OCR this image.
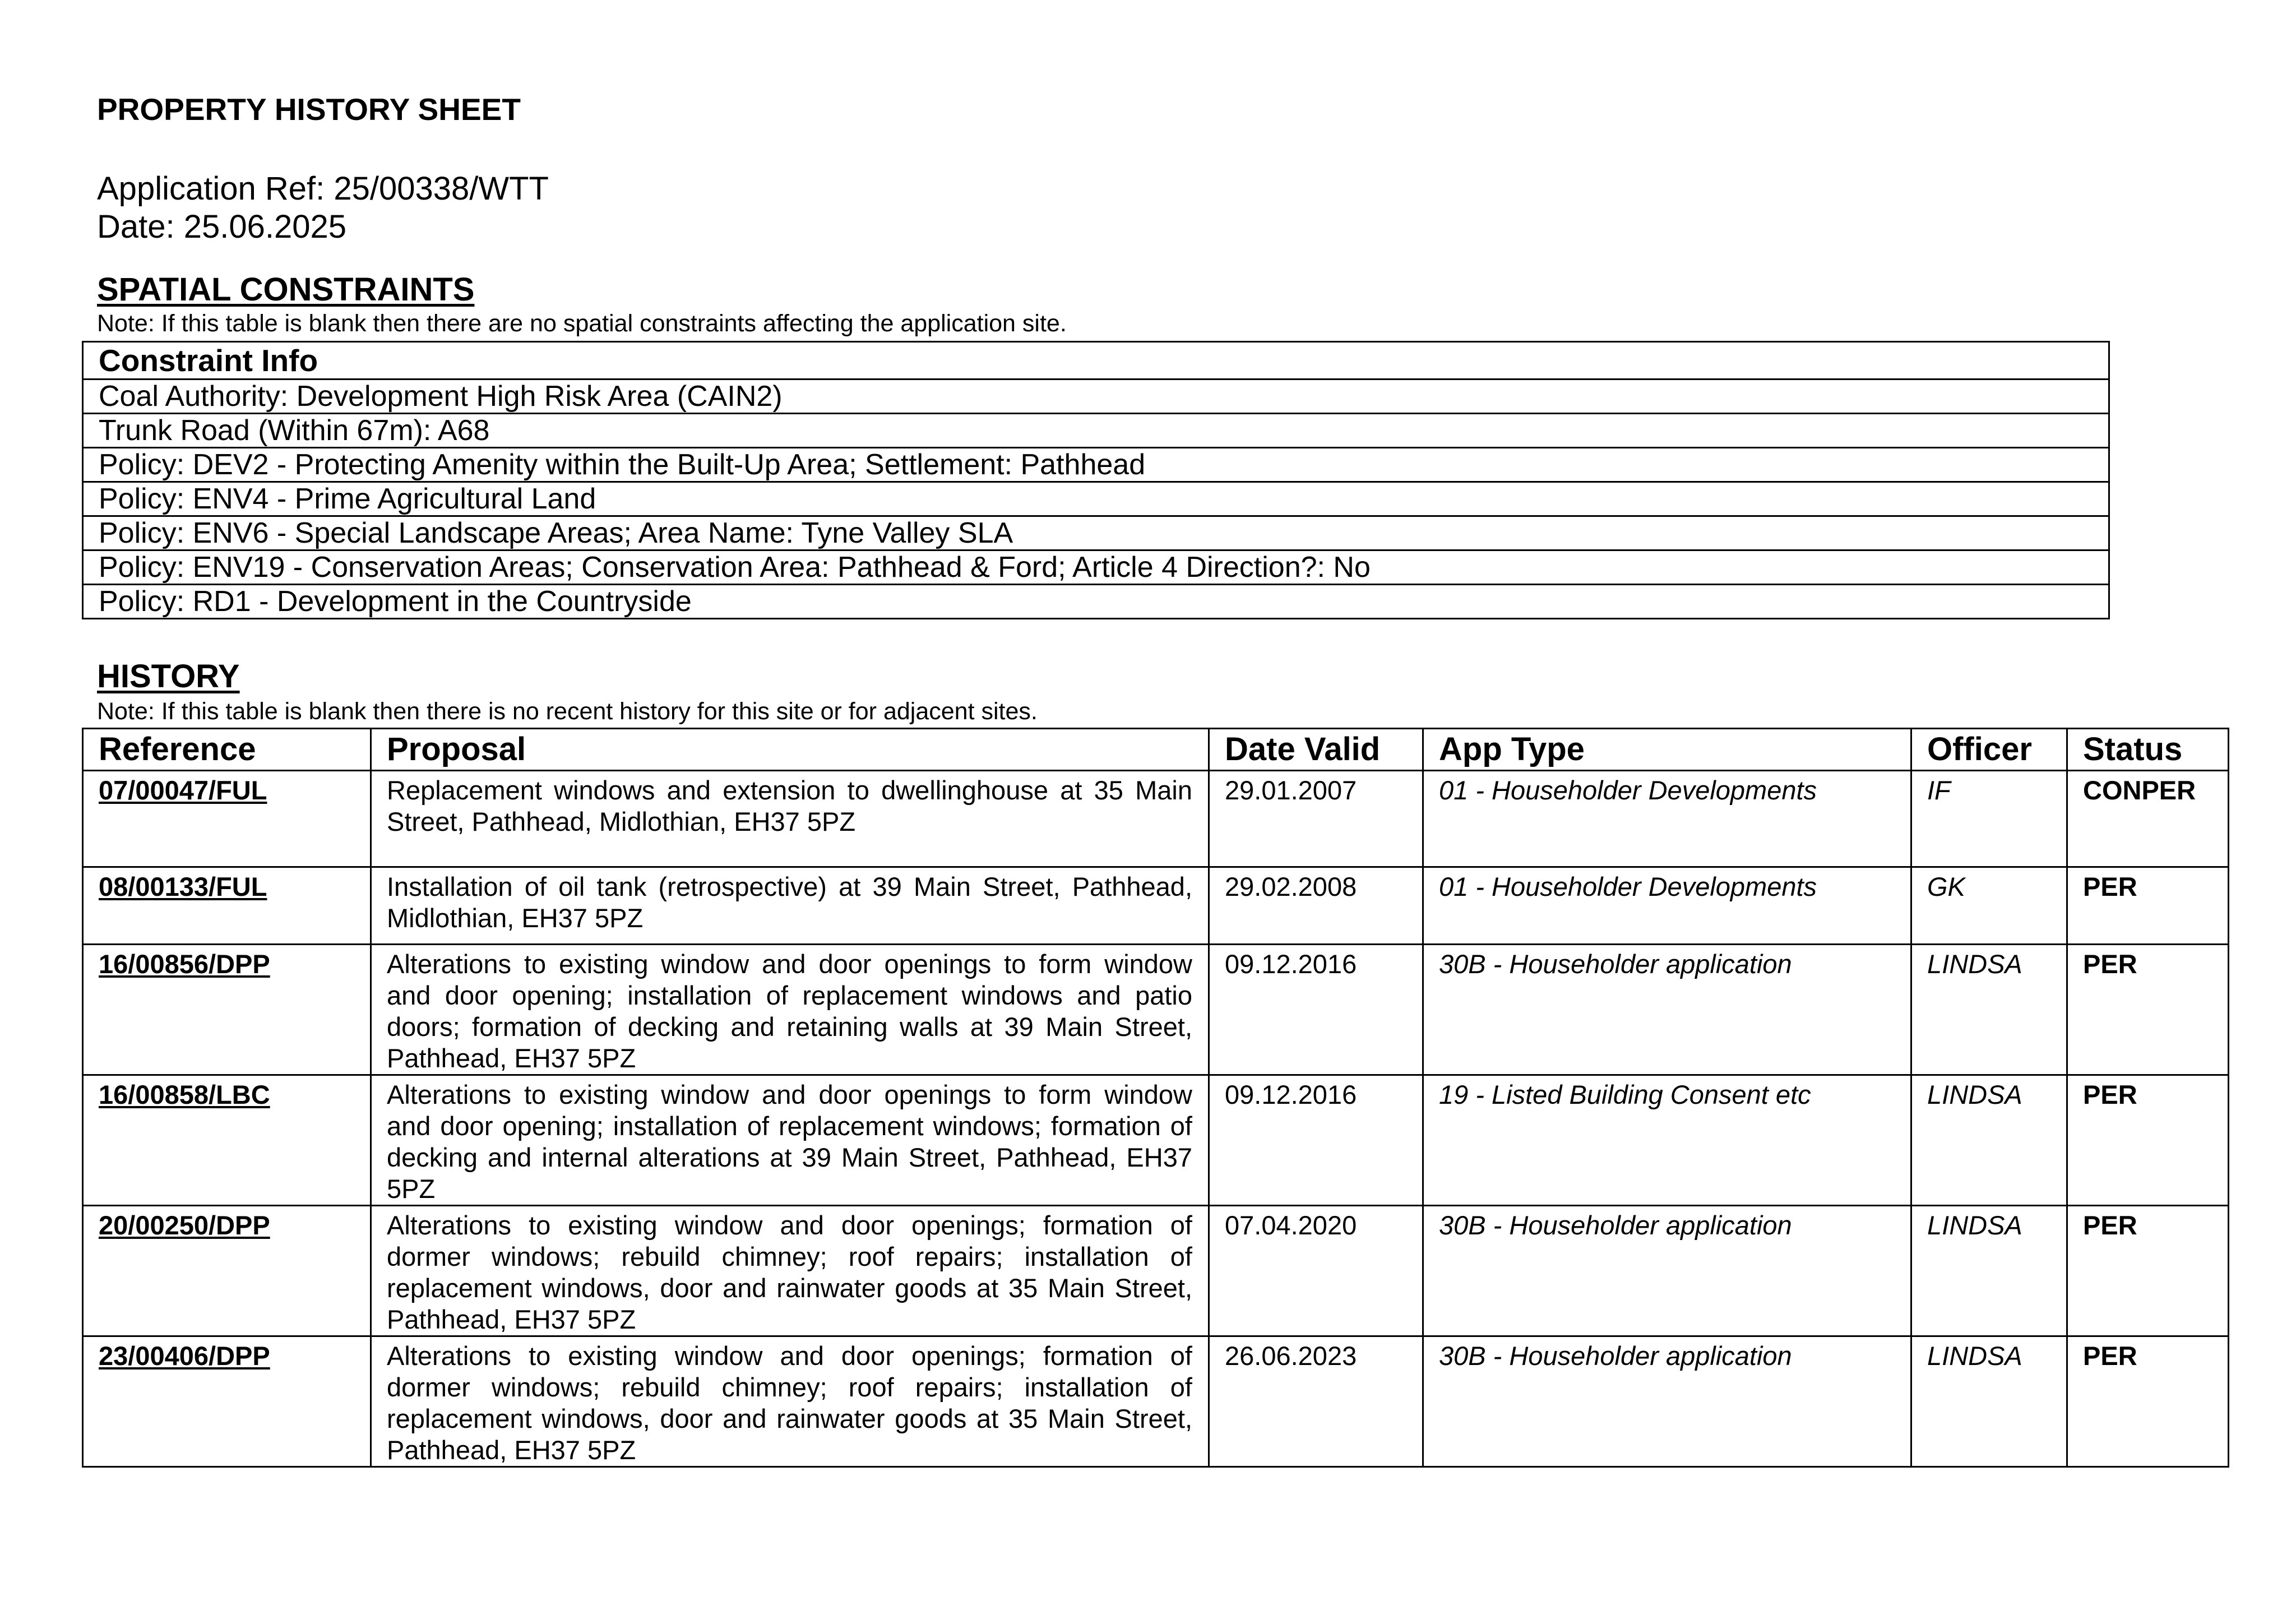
PROPERTY HISTORY SHEET
Application Ref: 25/00338/WTT
Date: 25.06.2025
SPATIAL CONSTRAINTS
Note: If this table is blank then there are no spatial constraints affecting the application site.
Constraint Info
Coal Authority: Development High Risk Area (CAIN2)
Trunk Road (Within 67m): A68
Policy: DEV2 - Protecting Amenity within the Built-Up Area; Settlement: Pathhead
Policy: ENV4 - Prime Agricultural Land
Policy: ENV6 - Special Landscape Areas; Area Name: Tyne Valley SLA
Policy: ENV19 - Conservation Areas; Conservation Area: Pathhead & Ford; Article 4 Direction?: No
Policy: RD1 - Development in the Countryside
HISTORY
Note: If this table is blank then there is no recent history for this site or for adjacent sites.
Reference	Proposal	Date Valid	App Type	Officer	Status
07/00047/FUL	Replacement windows and extension to dwellinghouse at 35 Main Street, Pathhead, Midlothian, EH37 5PZ	29.01.2007	01 - Householder Developments	IF	CONPER
08/00133/FUL	Installation of oil tank (retrospective) at 39 Main Street, Pathhead, Midlothian, EH37 5PZ	29.02.2008	01 - Householder Developments	GK	PER
16/00856/DPP	Alterations to existing window and door openings to form window and door opening; installation of replacement windows and patio doors; formation of decking and retaining walls at 39 Main Street, Pathhead, EH37 5PZ	09.12.2016	30B - Householder application	LINDSA	PER
16/00858/LBC	Alterations to existing window and door openings to form window and door opening; installation of replacement windows; formation of decking and internal alterations at 39 Main Street, Pathhead, EH37 5PZ	09.12.2016	19 - Listed Building Consent etc	LINDSA	PER
20/00250/DPP	Alterations to existing window and door openings; formation of dormer windows; rebuild chimney; roof repairs; installation of replacement windows, door and rainwater goods at 35 Main Street, Pathhead, EH37 5PZ	07.04.2020	30B - Householder application	LINDSA	PER
23/00406/DPP	Alterations to existing window and door openings; formation of dormer windows; rebuild chimney; roof repairs; installation of replacement windows, door and rainwater goods at 35 Main Street, Pathhead, EH37 5PZ	26.06.2023	30B - Householder application	LINDSA	PER
